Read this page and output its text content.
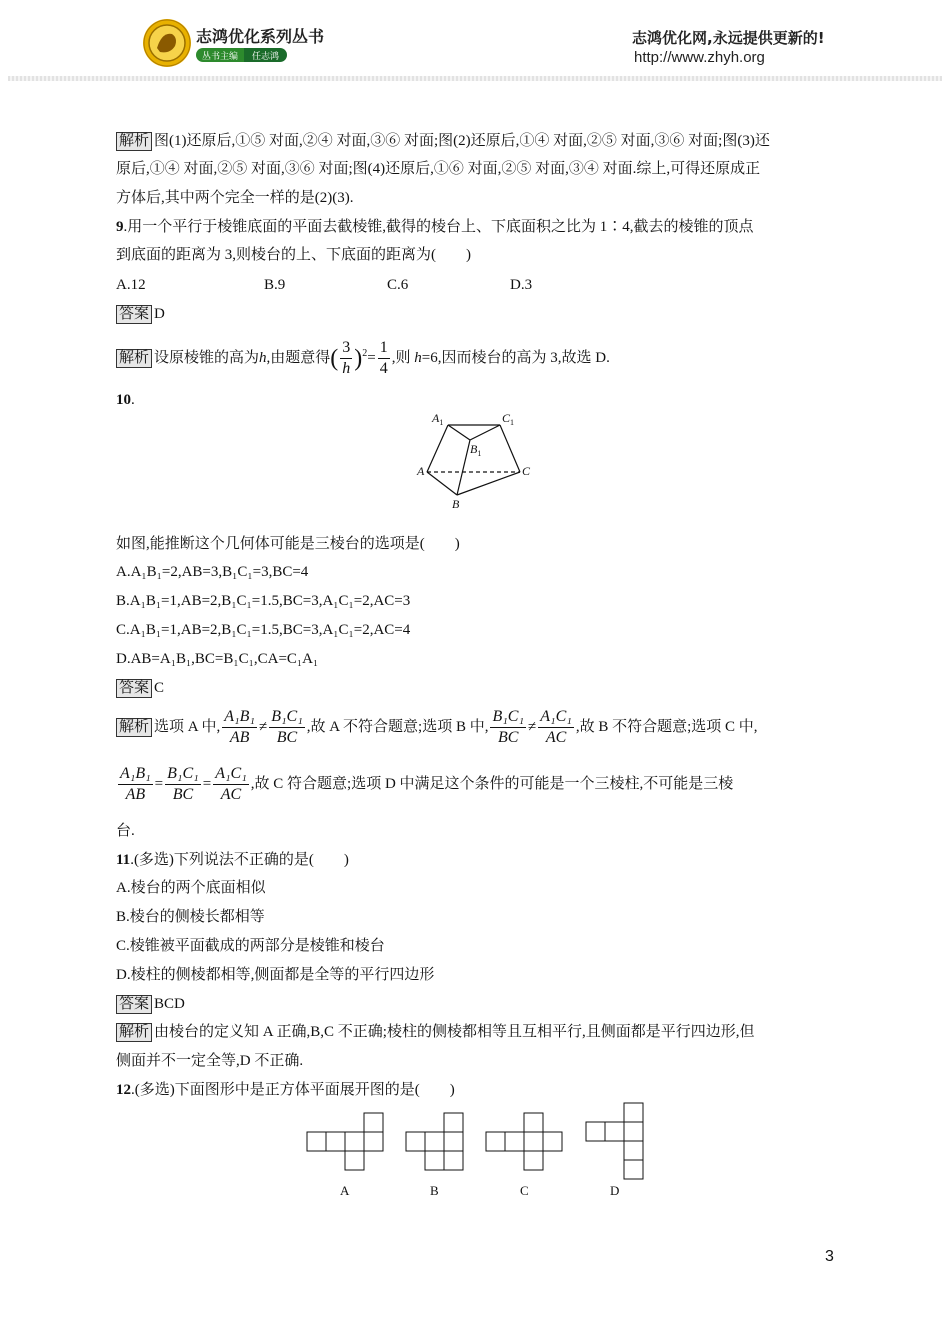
志鸿优化系列丛书
丛书主编	任志鸿
志鸿优化网,永远提供更新的!
http://www.zhyh.org
解析 图(1)还原后,①⑤ 对面,②④ 对面,③⑥ 对面;图(2)还原后,①④ 对面,②⑤ 对面,③⑥ 对面;图(3)还
原后,①④ 对面,②⑤ 对面,③⑥ 对面;图(4)还原后,①⑥ 对面,②⑤ 对面,③④ 对面.综上,可得还原成正
方体后,其中两个完全一样的是(2)(3).
9.用一个平行于棱锥底面的平面去截棱锥,截得的棱台上、下底面积之比为 1∶4,截去的棱锥的顶点
到底面的距离为 3,则棱台的上、下底面的距离为(　　)
A.12	B.9	C.6	D.3
答案 D
解析 设原棱锥的高为h,由题意得( $\frac{3}{h} )^2= \frac{1}{4}$ ,则 h=6,因而棱台的高为 3,故选 D.
10.
$A_1$	$C_1$
$B_1$
A	C
B
如图,能推断这个几何体可能是三棱台的选项是(　　)
A.A₁B₁=2,AB=3,B₁C₁=3,BC=4
B.A₁B₁=1,AB=2,B₁C₁=1.5,BC=3,A₁C₁=2,AC=3
C.A₁B₁=1,AB=2,B₁C₁=1.5,BC=3,A₁C₁=2,AC=4
D.AB=A₁B₁,BC=B₁C₁,CA=C₁A₁
答案 C
解析 选项 A 中, $\frac{\text{A₁B₁}}{AB} \ne \frac{\text{B₁C₁}}{BC}$ ,故 A 不符合题意;选项 B 中, $\frac{\text{B₁C₁}}{BC} \ne \frac{\text{A₁C₁}}{AC}$ ,故 B 不符合题意;选项 C 中,
$\frac{\text{A₁B₁}}{AB} = \frac{\text{B₁C₁}}{BC} = \frac{\text{A₁C₁}}{AC}$ ,故 C 符合题意;选项 D 中满足这个条件的可能是一个三棱柱,不可能是三棱
台.
11.(多选)下列说法不正确的是(　　)
A.棱台的两个底面相似
B.棱台的侧棱长都相等
C.棱锥被平面截成的两部分是棱锥和棱台
D.棱柱的侧棱都相等,侧面都是全等的平行四边形
答案 BCD
解析 由棱台的定义知 A 正确,B,C 不正确;棱柱的侧棱都相等且互相平行,且侧面都是平行四边形,但
侧面并不一定全等,D 不正确.
12.(多选)下面图形中是正方体平面展开图的是(　　)
A	B	C	D
3
